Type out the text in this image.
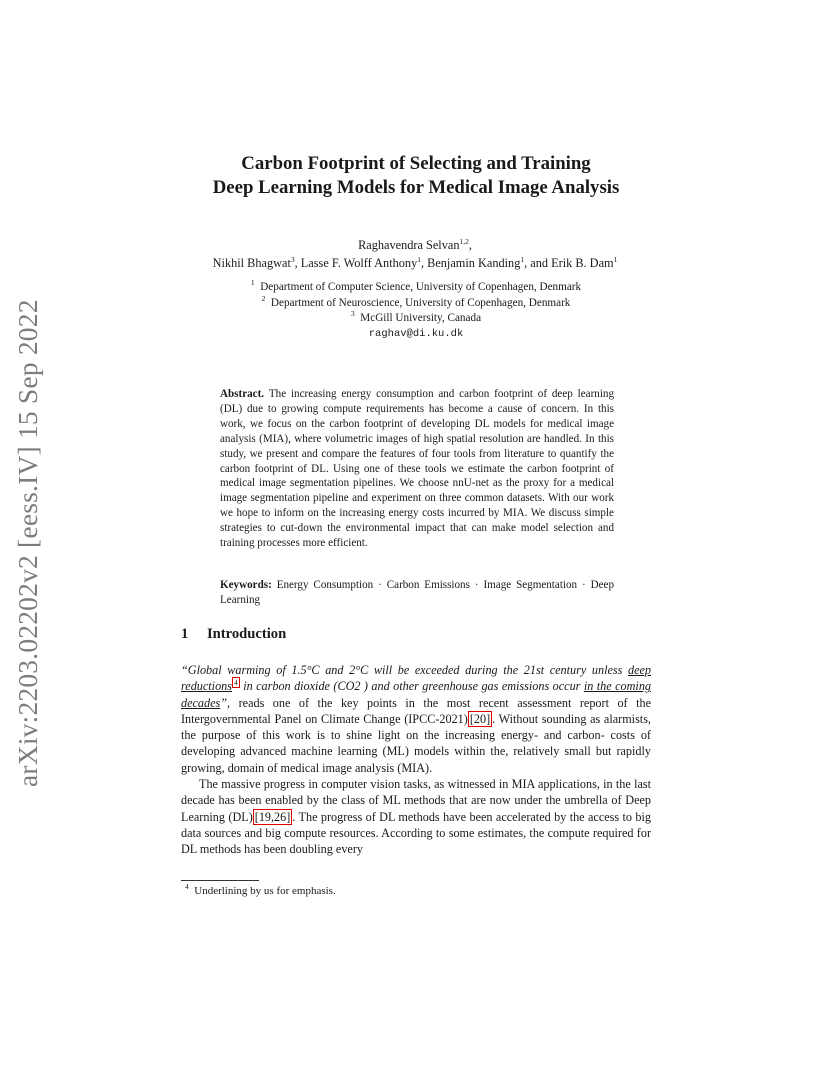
arXiv:2203.02202v2 [eess.IV] 15 Sep 2022
Carbon Footprint of Selecting and Training
Deep Learning Models for Medical Image Analysis
Raghavendra Selvan$^{1,2}$,
Nikhil Bhagwat$^3$, Lasse F. Wolff Anthony$^1$, Benjamin Kanding$^1$, and Erik B. Dam$^1$
$^1$ Department of Computer Science, University of Copenhagen, Denmark
$^2$ Department of Neuroscience, University of Copenhagen, Denmark
$^3$ McGill University, Canada
raghav@di.ku.dk
Abstract. The increasing energy consumption and carbon footprint of deep learning (DL) due to growing compute requirements has become a cause of concern. In this work, we focus on the carbon footprint of developing DL models for medical image analysis (MIA), where volumetric images of high spatial resolution are handled. In this study, we present and compare the features of four tools from literature to quantify the carbon footprint of DL. Using one of these tools we estimate the carbon footprint of medical image segmentation pipelines. We choose nnU-net as the proxy for a medical image segmentation pipeline and experiment on three common datasets. With our work we hope to inform on the increasing energy costs incurred by MIA. We discuss simple strategies to cut-down the environmental impact that can make model selection and training processes more efficient.
Keywords: Energy Consumption · Carbon Emissions · Image Segmentation · Deep Learning
1 Introduction

“Global warming of 1.5°C and 2°C will be exceeded during the 21st century unless deep reductions $^4$ in carbon dioxide (CO2 ) and other greenhouse gas emissions occur in the coming decades”, reads one of the key points in the most recent assessment report of the Intergovernmental Panel on Climate Change (IPCC-2021) [20] . Without sounding as alarmists, the purpose of this work is to shine light on the increasing energy- and carbon- costs of developing advanced machine learning (ML) models within the, relatively small but rapidly growing, domain of medical image analysis (MIA).

The massive progress in computer vision tasks, as witnessed in MIA applications, in the last decade has been enabled by the class of ML methods that are now under the umbrella of Deep Learning (DL) [19,26] . The progress of DL methods have been accelerated by the access to big data sources and big compute resources. According to some estimates, the compute required for DL methods has been doubling every

$^4$ Underlining by us for emphasis.
